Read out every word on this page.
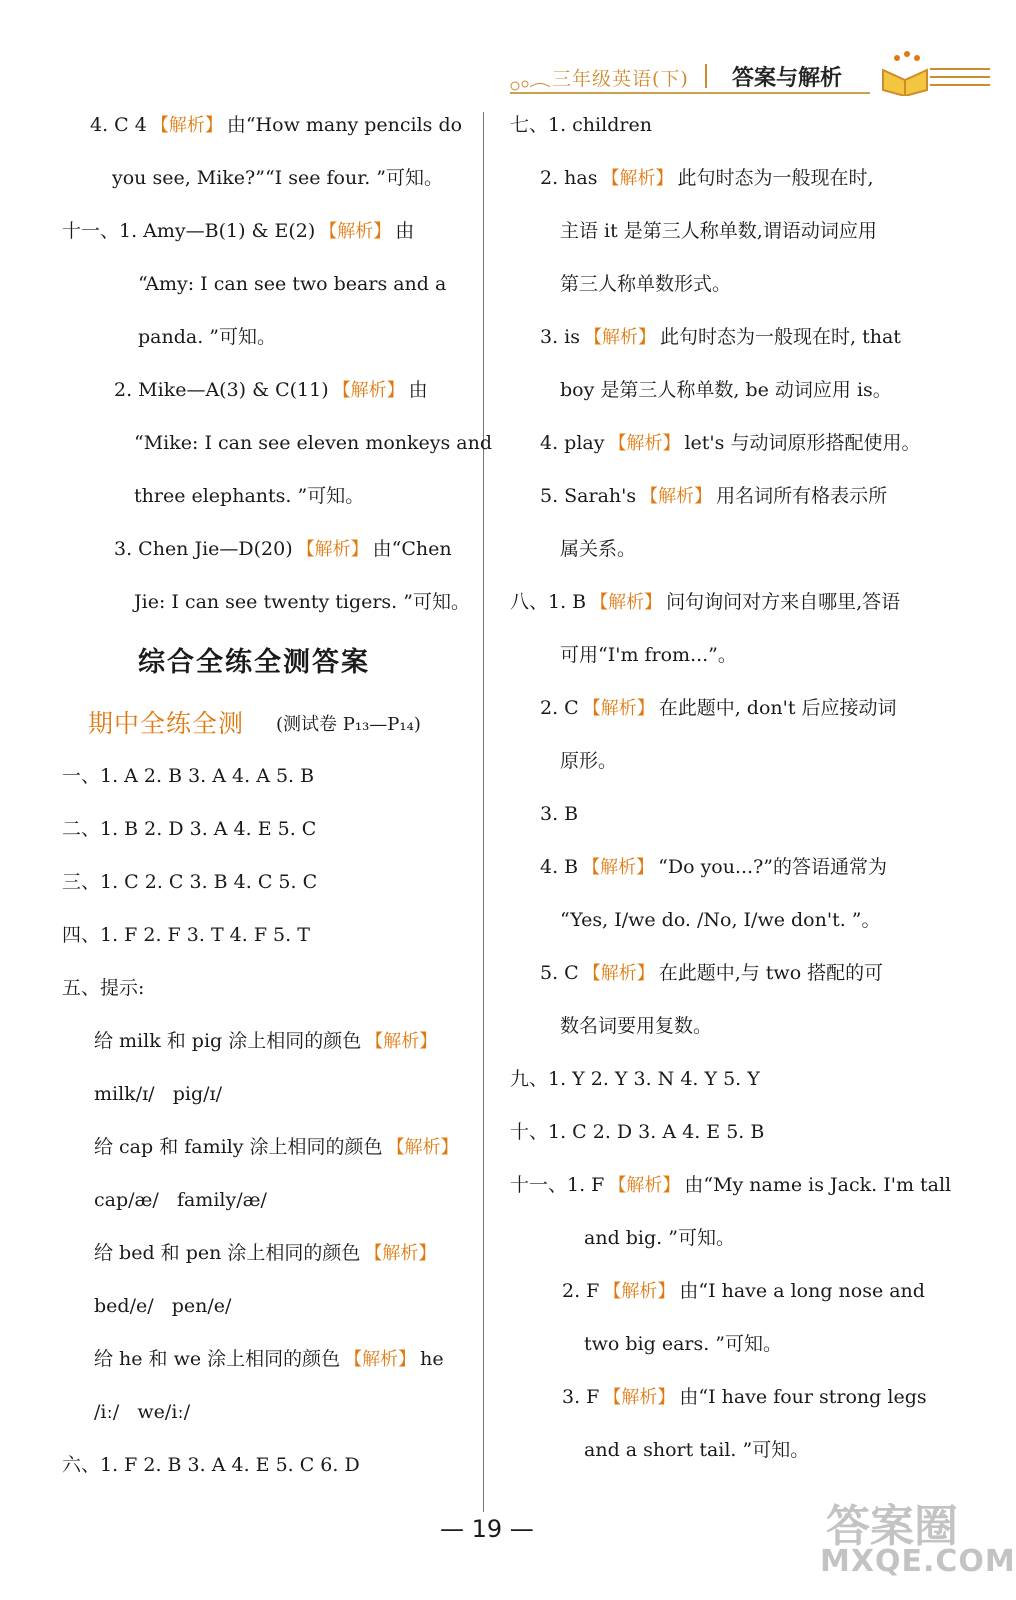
三年级英语(下) 答案与解析
4. C 4 【解析】 由“How many pencils do
you see, Mike?”“I see four. ”可知。
十一、1. Amy—B(1) & E(2) 【解析】 由
“Amy: I can see two bears and a
panda. ”可知。
2. Mike—A(3) & C(11) 【解析】 由
“Mike: I can see eleven monkeys and
three elephants. ”可知。
3. Chen Jie—D(20) 【解析】 由“Chen
Jie: I can see twenty tigers. ”可知。
综合全练全测答案
期中全练全测 (测试卷 P₁₃—P₁₄)
一、1. A 2. B 3. A 4. A 5. B
二、1. B 2. D 3. A 4. E 5. C
三、1. C 2. C 3. B 4. C 5. C
四、1. F 2. F 3. T 4. F 5. T
五、提示:
给 milk 和 pig 涂上相同的颜色 【解析】
milk/ɪ/ pig/ɪ/
给 cap 和 family 涂上相同的颜色 【解析】
cap/æ/ family/æ/
给 bed 和 pen 涂上相同的颜色 【解析】
bed/e/ pen/e/
给 he 和 we 涂上相同的颜色 【解析】 he
/iː/ we/iː/
六、1. F 2. B 3. A 4. E 5. C 6. D
七、1. children
2. has 【解析】 此句时态为一般现在时,
主语 it 是第三人称单数,谓语动词应用
第三人称单数形式。
3. is 【解析】 此句时态为一般现在时, that
boy 是第三人称单数, be 动词应用 is。
4. play 【解析】 let's 与动词原形搭配使用。
5. Sarah's 【解析】 用名词所有格表示所
属关系。
八、1. B 【解析】 问句询问对方来自哪里,答语
可用“I'm from...”。
2. C 【解析】 在此题中, don't 后应接动词
原形。
3. B
4. B 【解析】 “Do you...?”的答语通常为
“Yes, I/we do. /No, I/we don't. ”。
5. C 【解析】 在此题中,与 two 搭配的可
数名词要用复数。
九、1. Y 2. Y 3. N 4. Y 5. Y
十、1. C 2. D 3. A 4. E 5. B
十一、1. F 【解析】 由“My name is Jack. I'm tall
and big. ”可知。
2. F 【解析】 由“I have a long nose and
two big ears. ”可知。
3. F 【解析】 由“I have four strong legs
and a short tail. ”可知。
— 19 —	答案圈
MXQE.COM
